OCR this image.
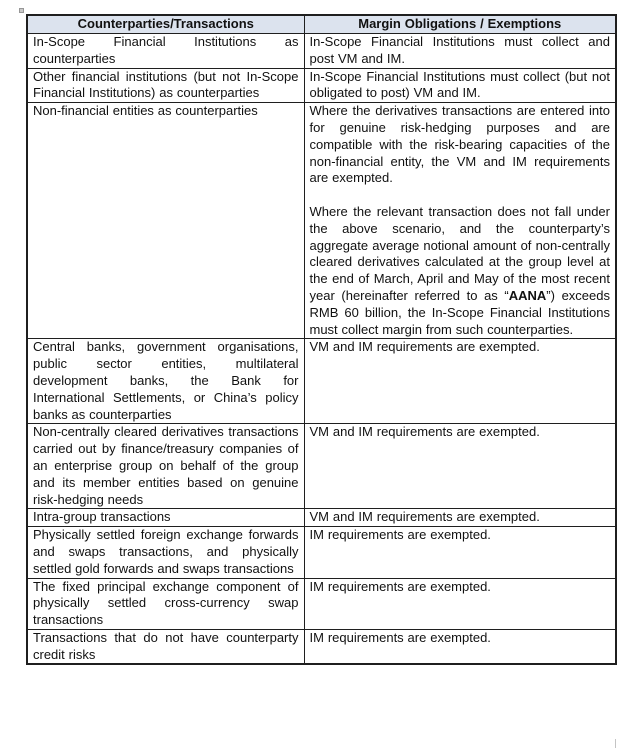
Counterparties/Transactions	Margin Obligations / Exemptions

In-Scope Financial Institutions as counterparties	In-Scope Financial Institutions must collect and post VM and IM.

Other financial institutions (but not In-Scope Financial Institutions) as counterparties	In-Scope Financial Institutions must collect (but not obligated to post) VM and IM.

Non-financial entities as counterparties	Where the derivatives transactions are entered into for genuine risk-hedging purposes and are compatible with the risk-bearing capacities of the non-financial entity, the VM and IM requirements are exempted.

Where the relevant transaction does not fall under the above scenario, and the counterparty’s aggregate average notional amount of non-centrally cleared derivatives calculated at the group level at the end of March, April and May of the most recent year (hereinafter referred to as “AANA”) exceeds RMB 60 billion, the In-Scope Financial Institutions must collect margin from such counterparties.

Central banks, government organisations, public sector entities, multilateral development banks, the Bank for International Settlements, or China’s policy banks as counterparties	VM and IM requirements are exempted.

Non-centrally cleared derivatives transactions carried out by finance/treasury companies of an enterprise group on behalf of the group and its member entities based on genuine risk-hedging needs	VM and IM requirements are exempted.

Intra-group transactions	VM and IM requirements are exempted.

Physically settled foreign exchange forwards and swaps transactions, and physically settled gold forwards and swaps transactions	IM requirements are exempted.

The fixed principal exchange component of physically settled cross-currency swap transactions	IM requirements are exempted.

Transactions that do not have counterparty credit risks	IM requirements are exempted.
